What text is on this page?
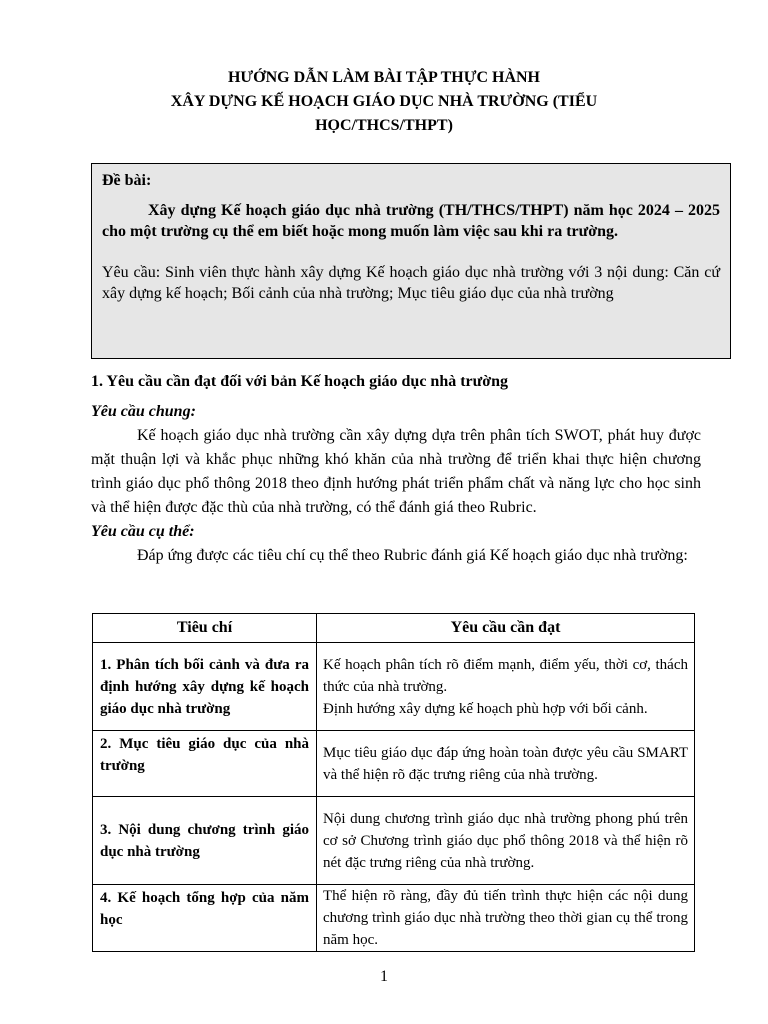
HƯỚNG DẪN LÀM BÀI TẬP THỰC HÀNH
XÂY DỰNG KẾ HOẠCH GIÁO DỤC NHÀ TRƯỜNG (TIỂU
HỌC/THCS/THPT)
Đề bài:
Xây dựng Kế hoạch giáo dục nhà trường (TH/THCS/THPT) năm học 2024 – 2025 cho một trường cụ thể em biết hoặc mong muốn làm việc sau khi ra trường.
Yêu cầu: Sinh viên thực hành xây dựng Kế hoạch giáo dục nhà trường với 3 nội dung: Căn cứ xây dựng kế hoạch; Bối cảnh của nhà trường; Mục tiêu giáo dục của nhà trường
1. Yêu cầu cần đạt đối với bản Kế hoạch giáo dục nhà trường
Yêu cầu chung:
Kế hoạch giáo dục nhà trường cần xây dựng dựa trên phân tích SWOT, phát huy được mặt thuận lợi và khắc phục những khó khăn của nhà trường để triển khai thực hiện chương trình giáo dục phổ thông 2018 theo định hướng phát triển phẩm chất và năng lực cho học sinh và thể hiện được đặc thù của nhà trường, có thể đánh giá theo Rubric.
Yêu cầu cụ thể:
Đáp ứng được các tiêu chí cụ thể theo Rubric đánh giá Kế hoạch giáo dục nhà trường:
Tiêu chí	Yêu cầu cần đạt
1. Phân tích bối cảnh và đưa ra định hướng xây dựng kế hoạch giáo dục nhà trường	Kế hoạch phân tích rõ điểm mạnh, điểm yếu, thời cơ, thách thức của nhà trường.
Định hướng xây dựng kế hoạch phù hợp với bối cảnh.

2. Mục tiêu giáo dục của nhà trường	Mục tiêu giáo dục đáp ứng hoàn toàn được yêu cầu SMART và thể hiện rõ đặc trưng riêng của nhà trường.
3. Nội dung chương trình giáo dục nhà trường	Nội dung chương trình giáo dục nhà trường phong phú trên cơ sở Chương trình giáo dục phổ thông 2018 và thể hiện rõ nét đặc trưng riêng của nhà trường.
4. Kế hoạch tổng hợp của năm học	Thể hiện rõ ràng, đầy đủ tiến trình thực hiện các nội dung chương trình giáo dục nhà trường theo thời gian cụ thể trong năm học.
1
